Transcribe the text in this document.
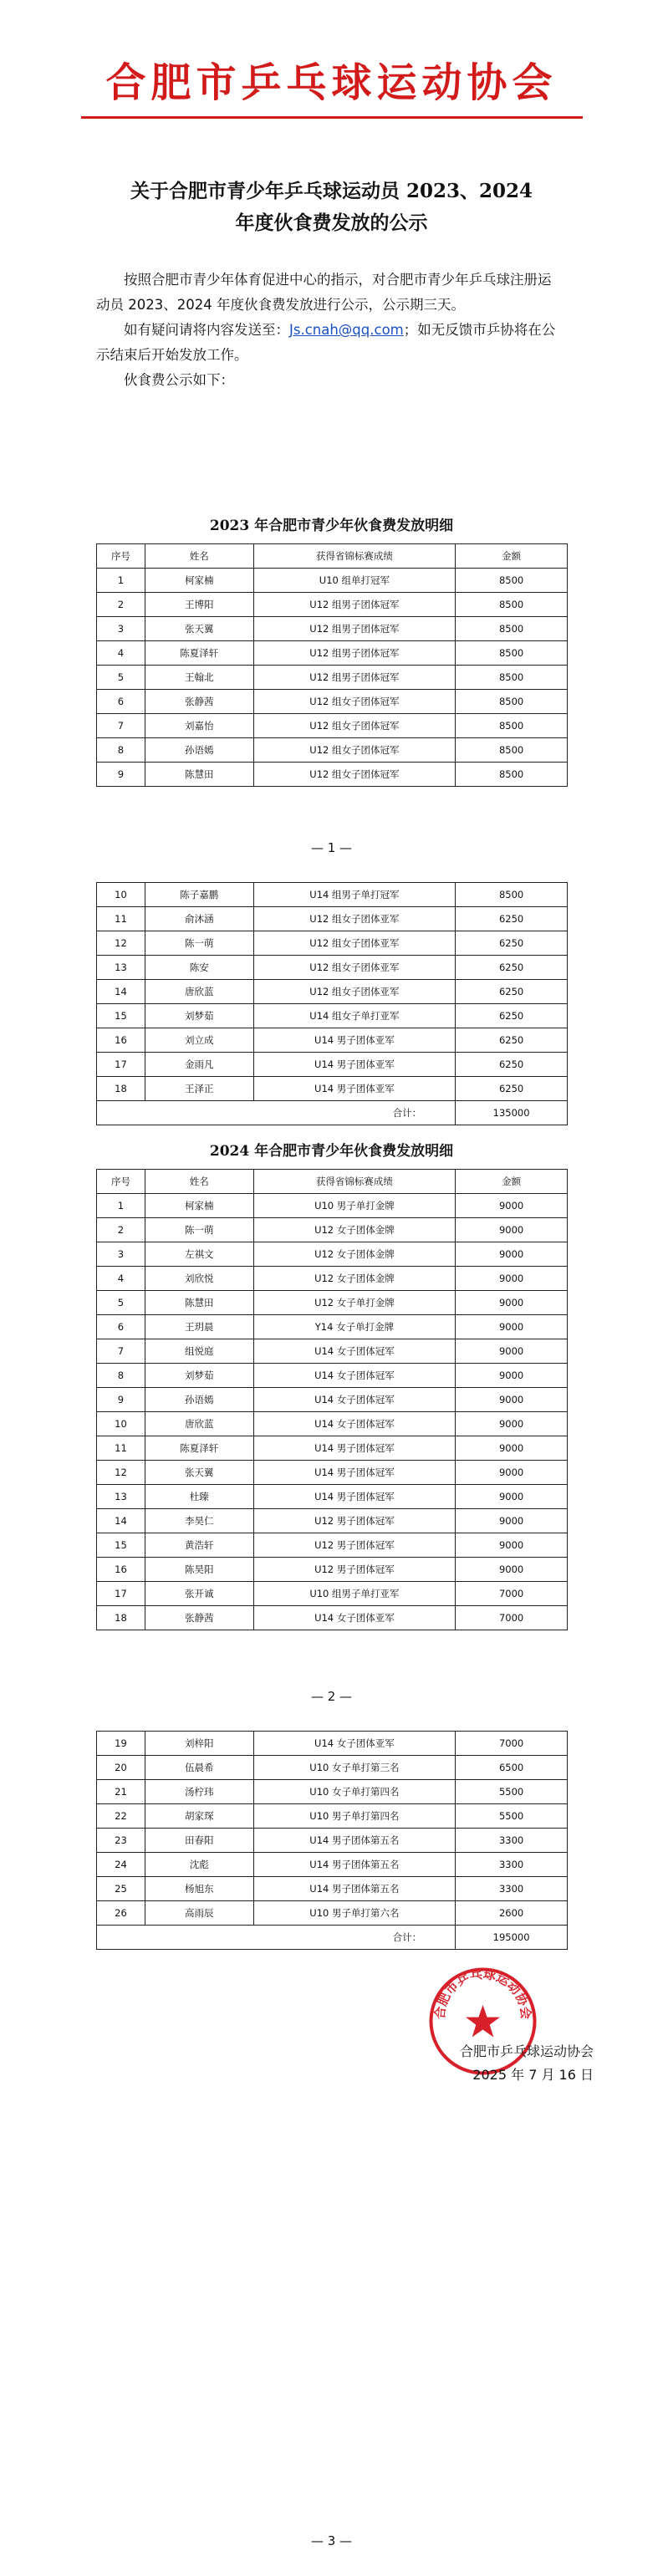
合肥市乒乓球运动协会
关于合肥市青少年乒乓球运动员 2023、2024
年度伙食费发放的公示

按照合肥市青少年体育促进中心的指示，对合肥市青少年乒乓球注册运动员 2023、2024 年度伙食费发放进行公示，公示期三天。

如有疑问请将内容发送至：Js.cnah@qq.com；如无反馈市乒协将在公示结束后开始发放工作。

伙食费公示如下：

2023 年合肥市青少年伙食费发放明细
序号	姓名	获得省锦标赛成绩	金额
1	柯家楠	U10 组单打冠军	8500
2	王博阳	U12 组男子团体冠军	8500
3	张天翼	U12 组男子团体冠军	8500
4	陈夏泽轩	U12 组男子团体冠军	8500
5	王翰北	U12 组男子团体冠军	8500
6	张静茜	U12 组女子团体冠军	8500
7	刘嘉怡	U12 组女子团体冠军	8500
8	孙语嫣	U12 组女子团体冠军	8500
9	陈慧田	U12 组女子团体冠军	8500
— 1 —
10	陈子嘉鹏	U14 组男子单打冠军	8500
11	俞沐涵	U12 组女子团体亚军	6250
12	陈一萌	U12 组女子团体亚军	6250
13	陈安	U12 组女子团体亚军	6250
14	唐欣蓝	U12 组女子团体亚军	6250
15	刘梦茹	U14 组女子单打亚军	6250
16	刘立成	U14 男子团体亚军	6250
17	金雨凡	U14 男子团体亚军	6250
18	王泽正	U14 男子团体亚军	6250
合计：			135000
2024 年合肥市青少年伙食费发放明细
序号	姓名	获得省锦标赛成绩	金额
1	柯家楠	U10 男子单打金牌	9000
2	陈一萌	U12 女子团体金牌	9000
3	左祺文	U12 女子团体金牌	9000
4	刘欣悦	U12 女子团体金牌	9000
5	陈慧田	U12 女子单打金牌	9000
6	王玥晨	Y14 女子单打金牌	9000
7	组悦庭	U14 女子团体冠军	9000
8	刘梦茹	U14 女子团体冠军	9000
9	孙语嫣	U14 女子团体冠军	9000
10	唐欣蓝	U14 女子团体冠军	9000
11	陈夏泽轩	U14 男子团体冠军	9000
12	张天翼	U14 男子团体冠军	9000
13	杜臻	U14 男子团体冠军	9000
14	李昊仁	U12 男子团体冠军	9000
15	黄浩轩	U12 男子团体冠军	9000
16	陈昊阳	U12 男子团体冠军	9000
17	张开诚	U10 组男子单打亚军	7000
18	张静茜	U14 女子团体亚军	7000
— 2 —
19	刘梓阳	U14 女子团体亚军	7000
20	伍晨希	U10 女子单打第三名	6500
21	汤柠玮	U10 女子单打第四名	5500
22	胡家琛	U10 男子单打第四名	5500
23	田春阳	U14 男子团体第五名	3300
24	沈彪	U14 男子团体第五名	3300
25	杨旭东	U14 男子团体第五名	3300
26	高雨辰	U10 男子单打第六名	2600
合计：			195000
合肥市乒乓球运动协会
合肥市乒乓球运动协会
2025 年 7 月 16 日
— 3 —
